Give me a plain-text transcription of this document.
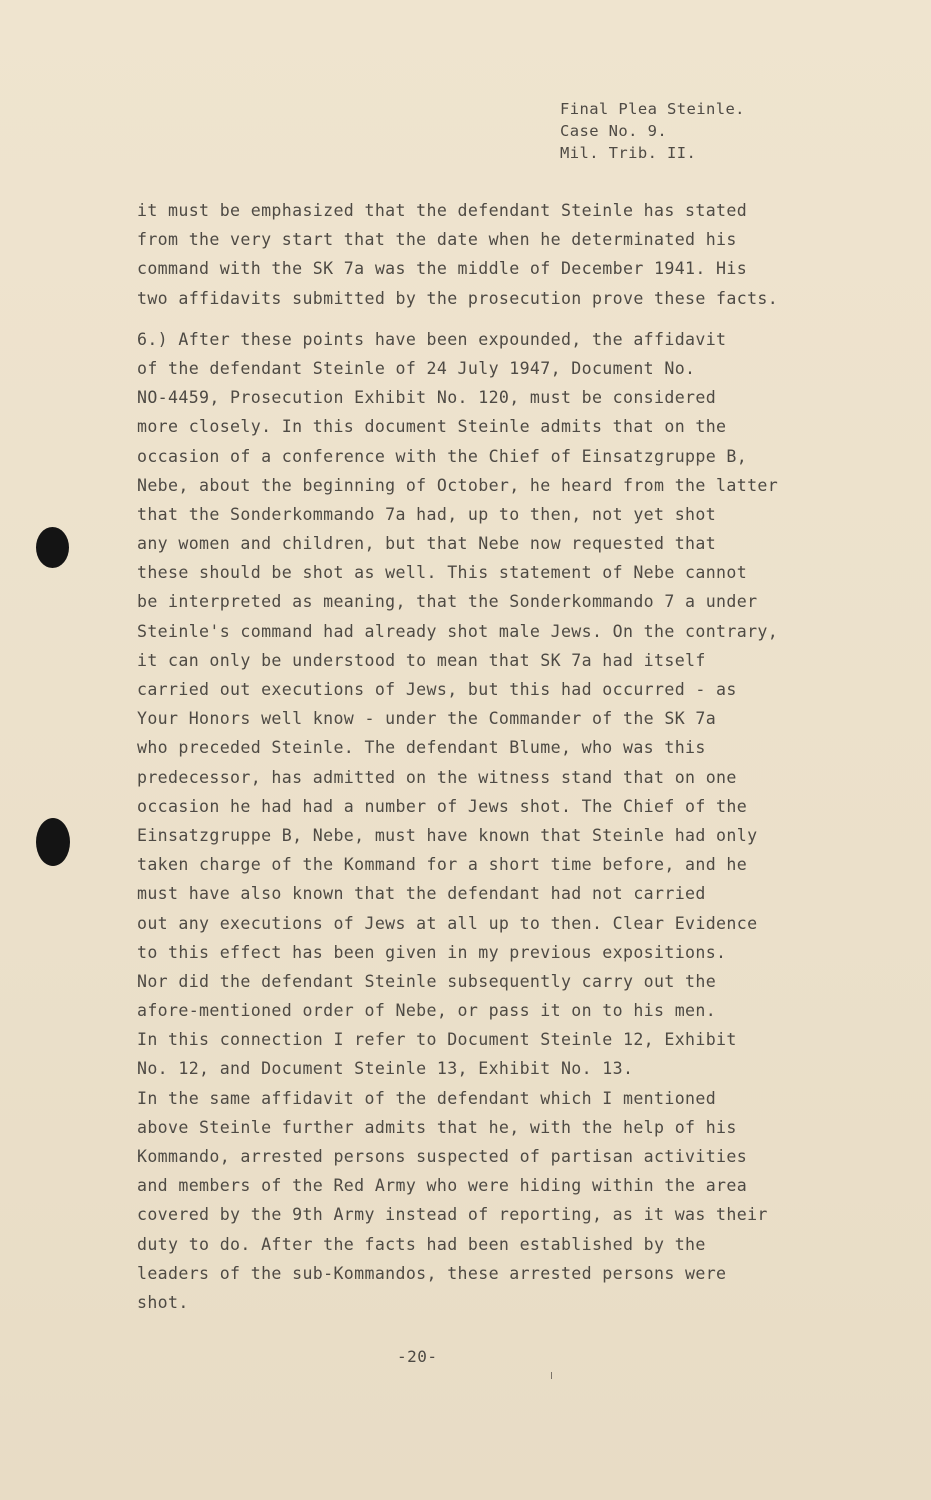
Final Plea Steinle.
Case No. 9.
Mil. Trib. II.
it must be emphasized that the defendant Steinle has stated
from the very start that the date when he determinated his
command with the SK 7a was the middle of December 1941. His
two affidavits submitted by the prosecution prove these facts.
6.) After these points have been expounded, the affidavit
of the defendant Steinle of 24 July 1947, Document No.
NO-4459, Prosecution Exhibit No. 120, must be considered
more closely. In this document Steinle admits that on the
occasion of a conference with the Chief of Einsatzgruppe B,
Nebe, about the beginning of October, he heard from the latter
that the Sonderkommando 7a had, up to then, not yet shot
any women and children, but that Nebe now requested that
these should be shot as well. This statement of Nebe cannot
be interpreted as meaning, that the Sonderkommando 7 a under
Steinle's command had already shot male Jews. On the contrary,
it can only be understood to mean that SK 7a had itself
carried out executions of Jews, but this had occurred - as
Your Honors well know - under the Commander of the SK 7a
who preceded Steinle. The defendant Blume, who was this
predecessor, has admitted on the witness stand that on one
occasion he had had a number of Jews shot. The Chief of the
Einsatzgruppe B, Nebe, must have known that Steinle had only
taken charge of the Kommand for a short time before, and he
must have also known that the defendant had not carried
out any executions of Jews at all up to then. Clear Evidence
to this effect has been given in my previous expositions.
Nor did the defendant Steinle subsequently carry out the
afore-mentioned order of Nebe, or pass it on to his men.
In this connection I refer to Document Steinle 12, Exhibit
No. 12, and Document Steinle 13, Exhibit No. 13.
In the same affidavit of the defendant which I mentioned
above Steinle further admits that he, with the help of his
Kommando, arrested persons suspected of partisan activities
and members of the Red Army who were hiding within the area
covered by the 9th Army instead of reporting, as it was their
duty to do. After the facts had been established by the
leaders of the sub-Kommandos, these arrested persons were
shot.
-20-
